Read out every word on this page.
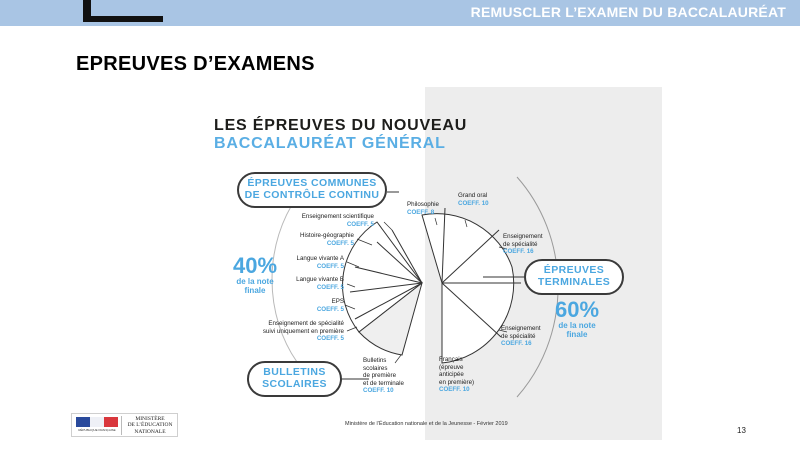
REMUSCLER L’EXAMEN DU BACCALAURÉAT
EPREUVES D’EXAMENS
LES ÉPREUVES DU NOUVEAU
BACCALAURÉAT GÉNÉRAL
ÉPREUVES COMMUNES
DE CONTRÔLE CONTINU
BULLETINS
SCOLAIRES
ÉPREUVES
TERMINALES
40%
de la note
finale
60%
de la note
finale
Enseignement scientifique
COEFF. 5
Histoire-géographie
COEFF. 5
Langue vivante A
COEFF. 5
Langue vivante B
COEFF. 5
EPS
COEFF. 5
Enseignement de spécialité
suivi uniquement en première
COEFF. 5
Bulletins
scolaires
de première
et de terminale
COEFF. 10
Philosophie
COEFF. 8
Grand oral
COEFF. 10
Enseignement
de spécialité
COEFF. 16
Enseignement
de spécialité
COEFF. 16
Français
(épreuve
anticipée
en première)
COEFF. 10
Ministère de l’Éducation nationale et de la Jeunesse - Février 2019
RÉPUBLIQUE FRANÇAISE
MINISTÈRE
DE L’ÉDUCATION
NATIONALE	13
